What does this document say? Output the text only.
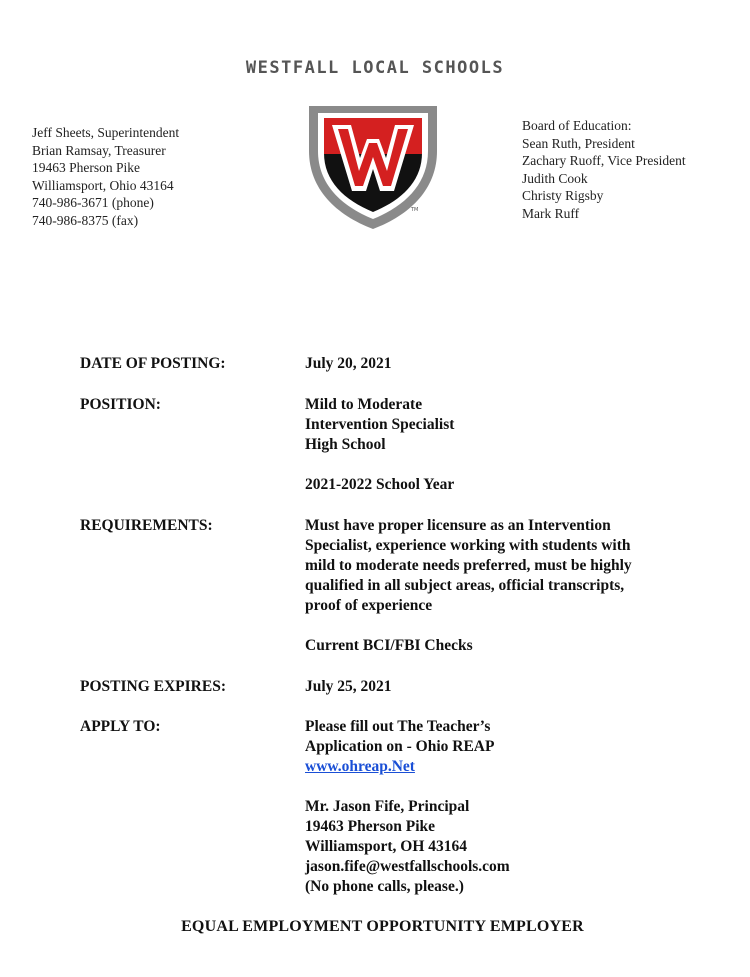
WESTFALL LOCAL SCHOOLS
Jeff Sheets, Superintendent
Brian Ramsay, Treasurer
19463 Pherson Pike
Williamsport, Ohio 43164
740-986-3671 (phone)
740-986-8375 (fax)
TM
Board of Education:
Sean Ruth, President
Zachary Ruoff, Vice President
Judith Cook
Christy Rigsby
Mark Ruff
DATE OF POSTING:	July 20, 2021
POSITION:	Mild to Moderate
Intervention Specialist
High School
2021-2022 School Year
REQUIREMENTS:	Must have proper licensure as an Intervention
Specialist, experience working with students with
mild to moderate needs preferred, must be highly
qualified in all subject areas, official transcripts,
proof of experience
Current BCI/FBI Checks
POSTING EXPIRES:	July 25, 2021
APPLY TO:	Please fill out The Teacher’s
Application on - Ohio REAP
www.ohreap.Net
Mr. Jason Fife, Principal
19463 Pherson Pike
Williamsport, OH 43164
jason.fife@westfallschools.com
(No phone calls, please.)
EQUAL EMPLOYMENT OPPORTUNITY EMPLOYER
